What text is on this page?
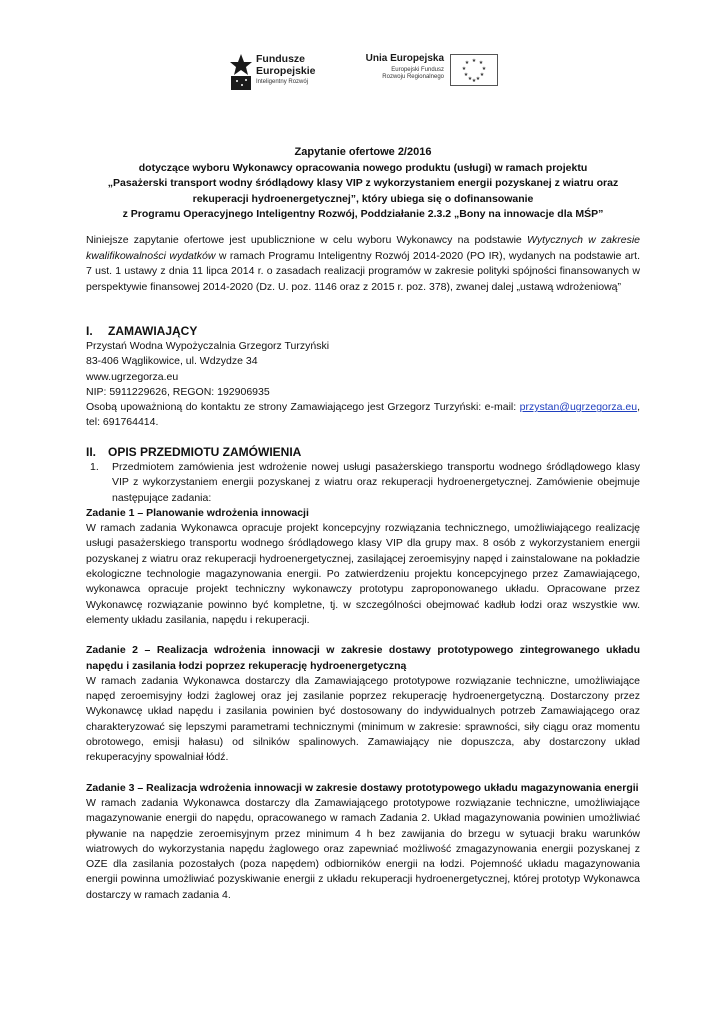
Fundusze
Europejskie
Inteligentny Rozwój
Unia Europejska
Europejski Fundusz
Rozwoju Regionalnego
★ ★
★
★
★
★
★
★
★
★
Zapytanie ofertowe 2/2016
dotyczące wyboru Wykonawcy opracowania nowego produktu (usługi) w ramach projektu
„Pasażerski transport wodny śródlądowy klasy VIP z wykorzystaniem energii pozyskanej z wiatru oraz
rekuperacji hydroenergetycznej”, który ubiega się o dofinansowanie
z Programu Operacyjnego Inteligentny Rozwój, Poddziałanie 2.3.2 „Bony na innowacje dla MŚP”

Niniejsze zapytanie ofertowe jest upublicznione w celu wyboru Wykonawcy na podstawie Wytycznych w zakresie kwalifikowalności wydatków w ramach Programu Inteligentny Rozwój 2014-2020 (PO IR), wydanych na podstawie art. 7 ust. 1 ustawy z dnia 11 lipca 2014 r. o zasadach realizacji programów w zakresie polityki spójności finansowanych w perspektywie finansowej 2014-2020 (Dz. U. poz. 1146 oraz z 2015 r. poz. 378), zwanej dalej „ustawą wdrożeniową”

I. ZAMAWIAJĄCY
Przystań Wodna Wypożyczalnia Grzegorz Turzyński
83-406 Wąglikowice, ul. Wdzydze 34
www.ugrzegorza.eu
NIP: 5911229626, REGON: 192906935

Osobą upoważnioną do kontaktu ze strony Zamawiającego jest Grzegorz Turzyński: e-mail: przystan@ugrzegorza.eu, tel: 691764414.

II. OPIS PRZEDMIOTU ZAMÓWIENIA
1. Przedmiotem zamówienia jest wdrożenie nowej usługi pasażerskiego transportu wodnego śródlądowego klasy VIP z wykorzystaniem energii pozyskanej z wiatru oraz rekuperacji hydroenergetycznej. Zamówienie obejmuje następujące zadania:

Zadanie 1 – Planowanie wdrożenia innowacji

W ramach zadania Wykonawca opracuje projekt koncepcyjny rozwiązania technicznego, umożliwiającego realizację usługi pasażerskiego transportu wodnego śródlądowego klasy VIP dla grupy max. 8 osób z wykorzystaniem energii pozyskanej z wiatru oraz rekuperacji hydroenergetycznej, zasilającej zeroemisyjny napęd i zainstalowane na pokładzie ekologiczne technologie magazynowania energii. Po zatwierdzeniu projektu koncepcyjnego przez Zamawiającego, wykonawca opracuje projekt techniczny wykonawczy prototypu zaproponowanego układu. Opracowane przez Wykonawcę rozwiązanie powinno być kompletne, tj. w szczególności obejmować kadłub łodzi oraz wszystkie ww. elementy układu zasilania, napędu i rekuperacji.

Zadanie 2 – Realizacja wdrożenia innowacji w zakresie dostawy prototypowego zintegrowanego układu napędu i zasilania łodzi poprzez rekuperację hydroenergetyczną

W ramach zadania Wykonawca dostarczy dla Zamawiającego prototypowe rozwiązanie techniczne, umożliwiające napęd zeroemisyjny łodzi żaglowej oraz jej zasilanie poprzez rekuperację hydroenergetyczną. Dostarczony przez Wykonawcę układ napędu i zasilania powinien być dostosowany do indywidualnych potrzeb Zamawiającego oraz charakteryzować się lepszymi parametrami technicznymi (minimum w zakresie: sprawności, siły ciągu oraz momentu obrotowego, emisji hałasu) od silników spalinowych. Zamawiający nie dopuszcza, aby dostarczony układ rekuperacyjny spowalniał łódź.

Zadanie 3 – Realizacja wdrożenia innowacji w zakresie dostawy prototypowego układu magazynowania energii

W ramach zadania Wykonawca dostarczy dla Zamawiającego prototypowe rozwiązanie techniczne, umożliwiające magazynowanie energii do napędu, opracowanego w ramach Zadania 2. Układ magazynowania powinien umożliwiać pływanie na napędzie zeroemisyjnym przez minimum 4 h bez zawijania do brzegu w sytuacji braku warunków wiatrowych do wykorzystania napędu żaglowego oraz zapewniać możliwość zmagazynowania energii pozyskanej z OZE dla zasilania pozostałych (poza napędem) odbiorników energii na łodzi. Pojemność układu magazynowania energii powinna umożliwiać pozyskiwanie energii z układu rekuperacji hydroenergetycznej, której prototyp Wykonawca dostarczy w ramach zadania 4.
